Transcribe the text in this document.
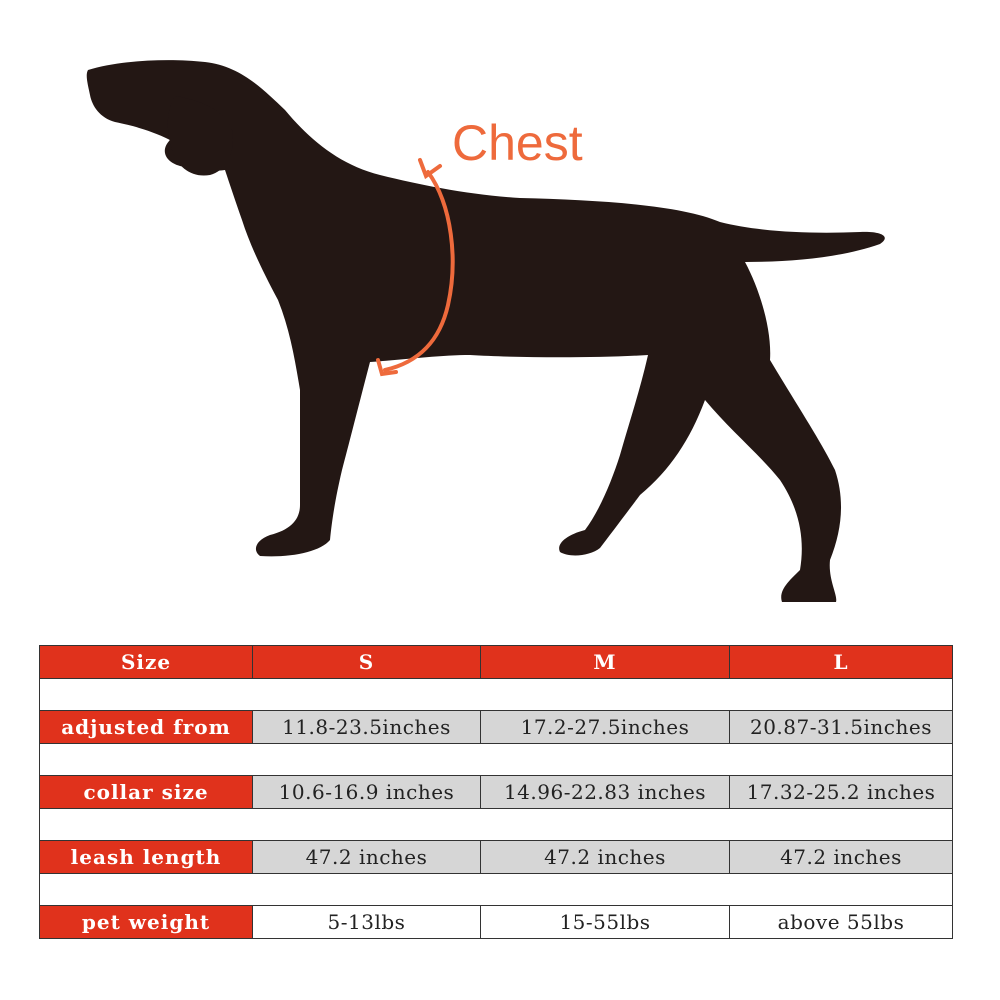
Chest
Size	S	M	L

adjusted from	11.8-23.5inches	17.2-27.5inches	20.87-31.5inches

collar size	10.6-16.9 inches	14.96-22.83 inches	17.32-25.2 inches

leash length	47.2 inches	47.2 inches	47.2 inches

pet weight	5-13lbs	15-55lbs	above 55lbs
